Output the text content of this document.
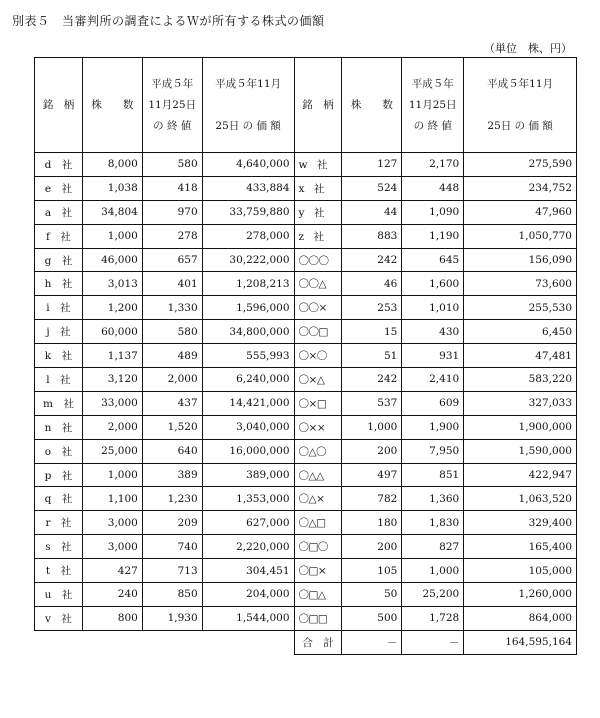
別表５　当審判所の調査によるＷが所有する株式の価額
（単位　株、円）
銘　柄	株　　数	平成５年
11月25日
の 終 値	平成５年11月
25日 の 価 額	銘　柄	株　　数	平成５年
11月25日
の 終 値	平成５年11月
25日 の 価 額

d　社	8,000	580	4,640,000	w　社	127	2,170	275,590
e　社	1,038	418	433,884	x　社	524	448	234,752
a　社	34,804	970	33,759,880	y　社	44	1,090	47,960
f　社	1,000	278	278,000	z　社	883	1,190	1,050,770
g　社	46,000	657	30,222,000	〇〇〇	242	645	156,090
h　社	3,013	401	1,208,213	〇〇△	46	1,600	73,600
i　社	1,200	1,330	1,596,000	〇〇×	253	1,010	255,530
j　社	60,000	580	34,800,000	〇〇□	15	430	6,450
k　社	1,137	489	555,993	〇×〇	51	931	47,481
l　社	3,120	2,000	6,240,000	〇×△	242	2,410	583,220
m　社	33,000	437	14,421,000	〇×□	537	609	327,033
n　社	2,000	1,520	3,040,000	〇××	1,000	1,900	1,900,000
o　社	25,000	640	16,000,000	〇△〇	200	7,950	1,590,000
p　社	1,000	389	389,000	〇△△	497	851	422,947
q　社	1,100	1,230	1,353,000	〇△×	782	1,360	1,063,520
r　社	3,000	209	627,000	〇△□	180	1,830	329,400
s　社	3,000	740	2,220,000	〇□〇	200	827	165,400
t　社	427	713	304,451	〇□×	105	1,000	105,000
u　社	240	850	204,000	〇□△	50	25,200	1,260,000
v　社	800	1,930	1,544,000	〇□□	500	1,728	864,000
				合　計	－	－	164,595,164
